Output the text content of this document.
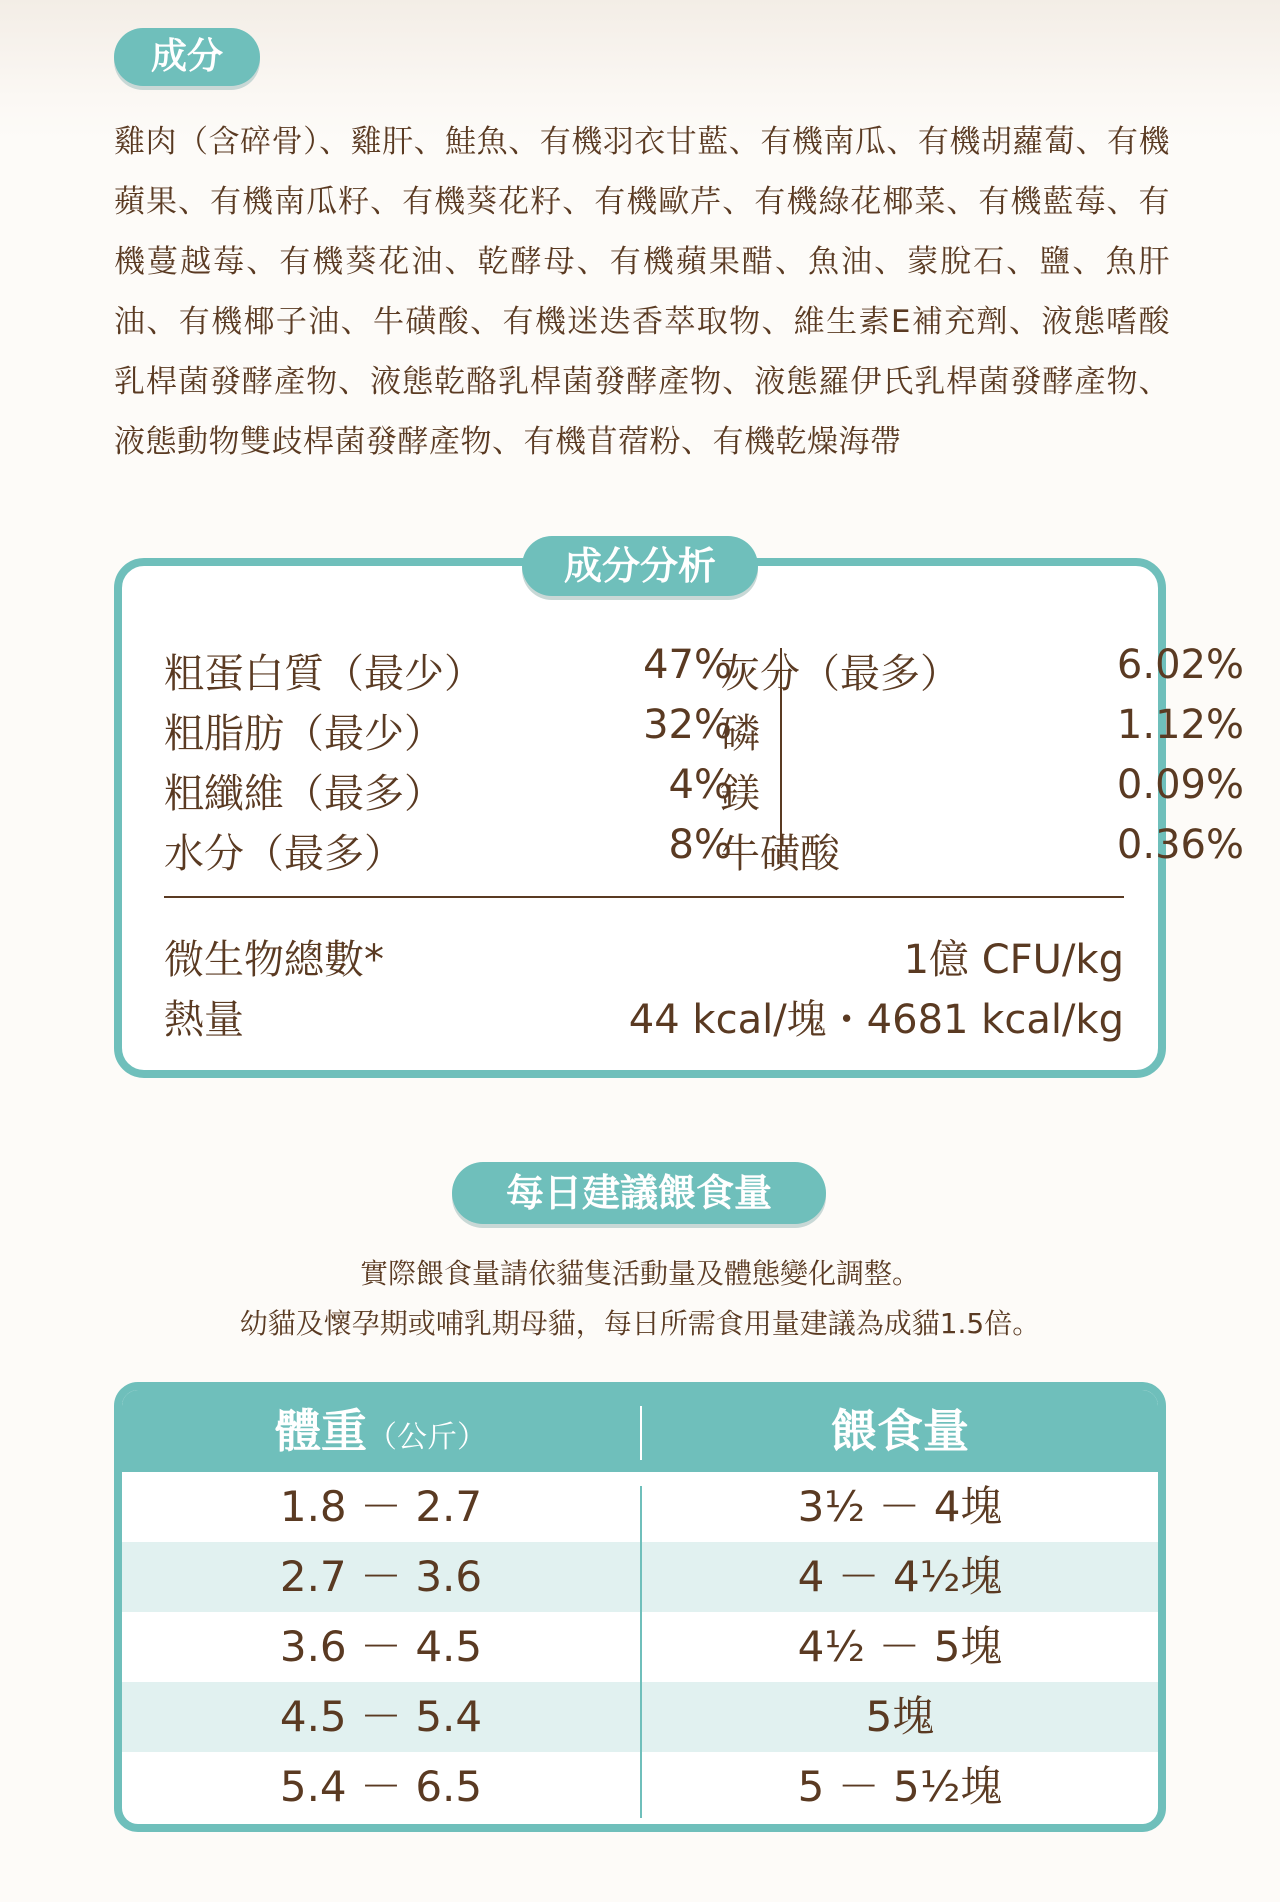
成分
雞肉（含碎骨）、雞肝、鮭魚、有機羽衣甘藍、有機南瓜、有機胡蘿蔔、有機蘋果、有機南瓜籽、有機葵花籽、有機歐芹、有機綠花椰菜、有機藍莓、有機蔓越莓、有機葵花油、乾酵母、有機蘋果醋、魚油、蒙脫石、鹽、魚肝油、有機椰子油、牛磺酸、有機迷迭香萃取物、維生素E補充劑、液態嗜酸乳桿菌發酵產物、液態乾酪乳桿菌發酵產物、液態羅伊氏乳桿菌發酵產物、液態動物雙歧桿菌發酵產物、有機苜蓿粉、有機乾燥海帶
成分分析
粗蛋白質（最少）	47%
粗脂肪（最少）	32%
粗纖維（最多）	4%
水分（最多）	8%
灰分（最多）	6.02%
磷	1.12%
鎂	0.09%
牛磺酸	0.36%
微生物總數*	1億 CFU/kg
熱量	44 kcal/塊・4681 kcal/kg
每日建議餵食量
實際餵食量請依貓隻活動量及體態變化調整。
幼貓及懷孕期或哺乳期母貓，每日所需食用量建議為成貓1.5倍。
體重（公斤）	餵食量
1.8 － 2.7	3½ － 4塊
2.7 － 3.6	4 － 4½塊
3.6 － 4.5	4½ － 5塊
4.5 － 5.4	5塊
5.4 － 6.5	5 － 5½塊
